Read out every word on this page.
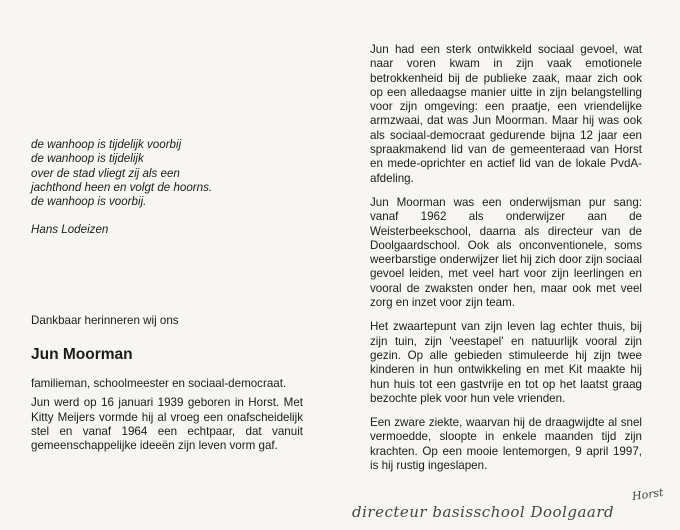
de wanhoop is tijdelijk voorbij
de wanhoop is tijdelijk
over de stad vliegt zij als een
jachthond heen en volgt de hoorns.
de wanhoop is voorbij.
Hans Lodeizen
Dankbaar herinneren wij ons
Jun Moorman
familieman, schoolmeester en sociaal-democraat.
Jun werd op 16 januari 1939 geboren in Horst. Met Kitty Meijers vormde hij al vroeg een onafscheidelijk stel en vanaf 1964 een echtpaar, dat vanuit gemeenschappelijke ideeën zijn leven vorm gaf.
Jun had een sterk ontwikkeld sociaal gevoel, wat naar voren kwam in zijn vaak emotionele betrokkenheid bij de publieke zaak, maar zich ook op een alledaagse manier uitte in zijn belangstelling voor zijn omgeving: een praatje, een vriendelijke armzwaai, dat was Jun Moorman. Maar hij was ook als sociaal-democraat gedurende bijna 12 jaar een spraakmakend lid van de gemeenteraad van Horst en mede-oprichter en actief lid van de lokale PvdA-afdeling.
Jun Moorman was een onderwijsman pur sang: vanaf 1962 als onderwijzer aan de Weisterbeekschool, daarna als directeur van de Doolgaardschool. Ook als onconventionele, soms weerbarstige onderwijzer liet hij zich door zijn sociaal gevoel leiden, met veel hart voor zijn leerlingen en vooral de zwaksten onder hen, maar ook met veel zorg en inzet voor zijn team.
Het zwaartepunt van zijn leven lag echter thuis, bij zijn tuin, zijn 'veestapel' en natuurlijk vooral zijn gezin. Op alle gebieden stimuleerde hij zijn twee kinderen in hun ontwikkeling en met Kit maakte hij hun huis tot een gastvrije en tot op het laatst graag bezochte plek voor hun vele vrienden.
Een zware ziekte, waarvan hij de draagwijdte al snel vermoedde, sloopte in enkele maanden tijd zijn krachten. Op een mooie lentemorgen, 9 april 1997, is hij rustig ingeslapen.
Horst
directeur basisschool Doolgaard
